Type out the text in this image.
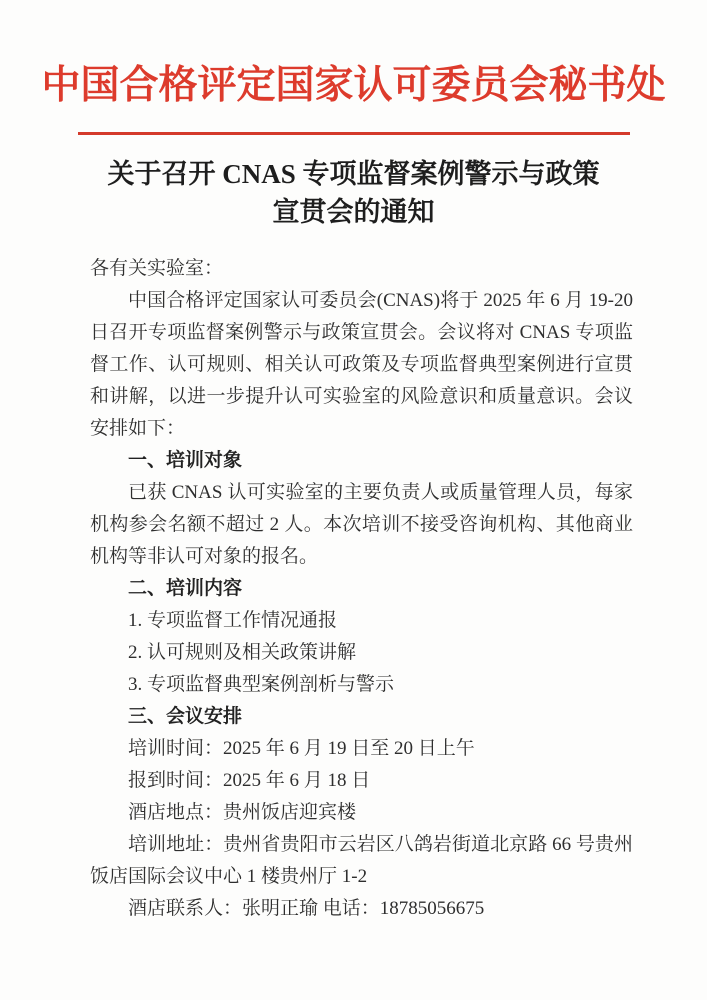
中国合格评定国家认可委员会秘书处
关于召开 CNAS 专项监督案例警示与政策
宣贯会的通知

各有关实验室：

中国合格评定国家认可委员会(CNAS)将于 2025 年 6 月 19-20 日召开专项监督案例警示与政策宣贯会。会议将对 CNAS 专项监督工作、认可规则、相关认可政策及专项监督典型案例进行宣贯和讲解，以进一步提升认可实验室的风险意识和质量意识。会议安排如下：

一、培训对象

已获 CNAS 认可实验室的主要负责人或质量管理人员，每家机构参会名额不超过 2 人。本次培训不接受咨询机构、其他商业机构等非认可对象的报名。

二、培训内容

1. 专项监督工作情况通报

2. 认可规则及相关政策讲解

3. 专项监督典型案例剖析与警示

三、会议安排

培训时间：2025 年 6 月 19 日至 20 日上午

报到时间：2025 年 6 月 18 日

酒店地点：贵州饭店迎宾楼

培训地址：贵州省贵阳市云岩区八鸽岩街道北京路 66 号贵州饭店国际会议中心 1 楼贵州厅 1-2

酒店联系人：张明正瑜 电话：18785056675
